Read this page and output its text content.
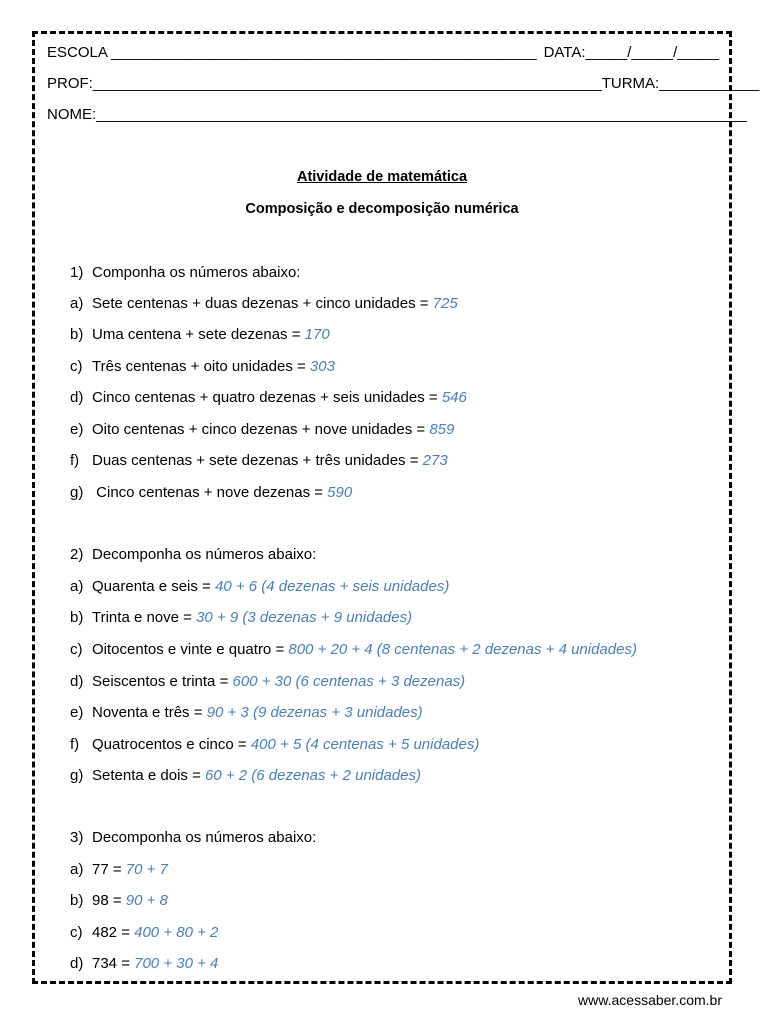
ESCOLA ___________________________________________________ DATA:_____/_____/_____
PROF:_____________________________________________________________ TURMA:____________
NOME:______________________________________________________________________________
Atividade de matemática
Composição e decomposição numérica
1) Componha os números abaixo:
a) Sete centenas + duas dezenas + cinco unidades = 725
b) Uma centena + sete dezenas = 170
c) Três centenas + oito unidades = 303
d) Cinco centenas + quatro dezenas + seis unidades = 546
e) Oito centenas + cinco dezenas + nove unidades = 859
f) Duas centenas + sete dezenas + três unidades = 273
g) Cinco centenas + nove dezenas = 590
2) Decomponha os números abaixo:
a) Quarenta e seis = 40 + 6 (4 dezenas + seis unidades)
b) Trinta e nove = 30 + 9 (3 dezenas + 9 unidades)
c) Oitocentos e vinte e quatro = 800 + 20 + 4 (8 centenas + 2 dezenas + 4 unidades)
d) Seiscentos e trinta = 600 + 30 (6 centenas + 3 dezenas)
e) Noventa e três = 90 + 3 (9 dezenas + 3 unidades)
f) Quatrocentos e cinco = 400 + 5 (4 centenas + 5 unidades)
g) Setenta e dois = 60 + 2 (6 dezenas + 2 unidades)
3) Decomponha os números abaixo:
a) 77 = 70 + 7
b) 98 = 90 + 8
c) 482 = 400 + 80 + 2
d) 734 = 700 + 30 + 4
www.acessaber.com.br
